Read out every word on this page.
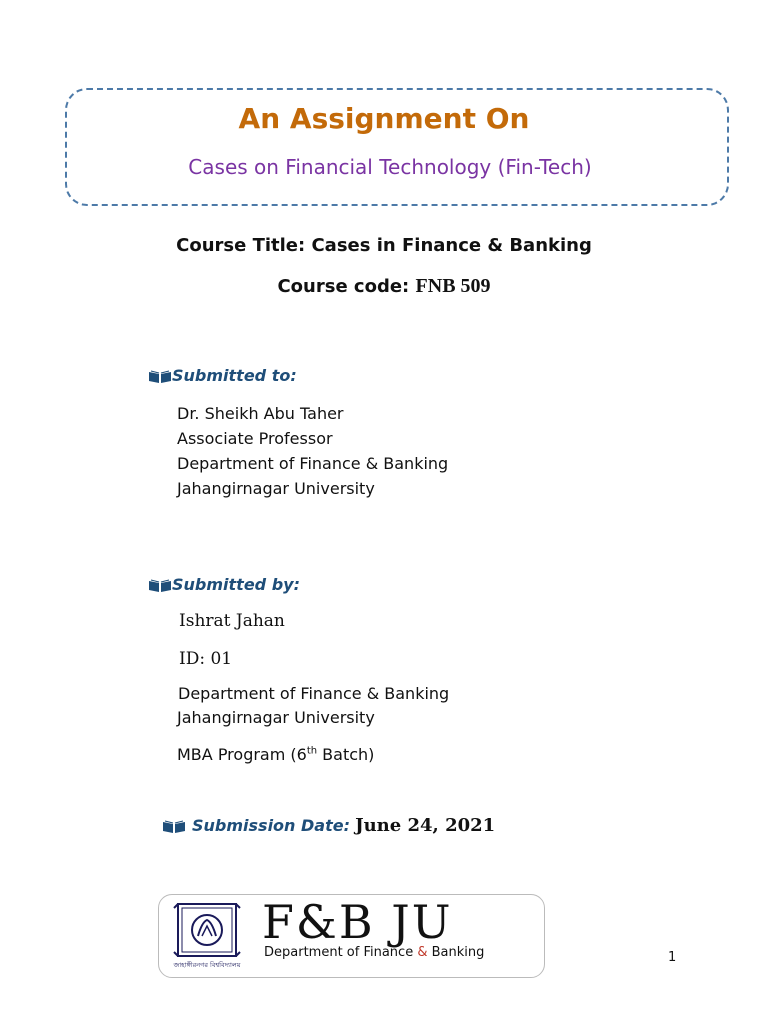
An Assignment On
Cases on Financial Technology (Fin-Tech)
Course Title: Cases in Finance & Banking
Course code: FNB 509
Submitted to:
Dr. Sheikh Abu Taher
Associate Professor
Department of Finance & Banking
Jahangirnagar University
Submitted by:
Ishrat Jahan
ID: 01
Department of Finance & Banking
Jahangirnagar University
MBA Program (6th Batch)
Submission Date: June 24, 2021
জাহাঙ্গীরনগর বিশ্ববিদ্যালয়
F&B JU
Department of Finance & Banking	1
